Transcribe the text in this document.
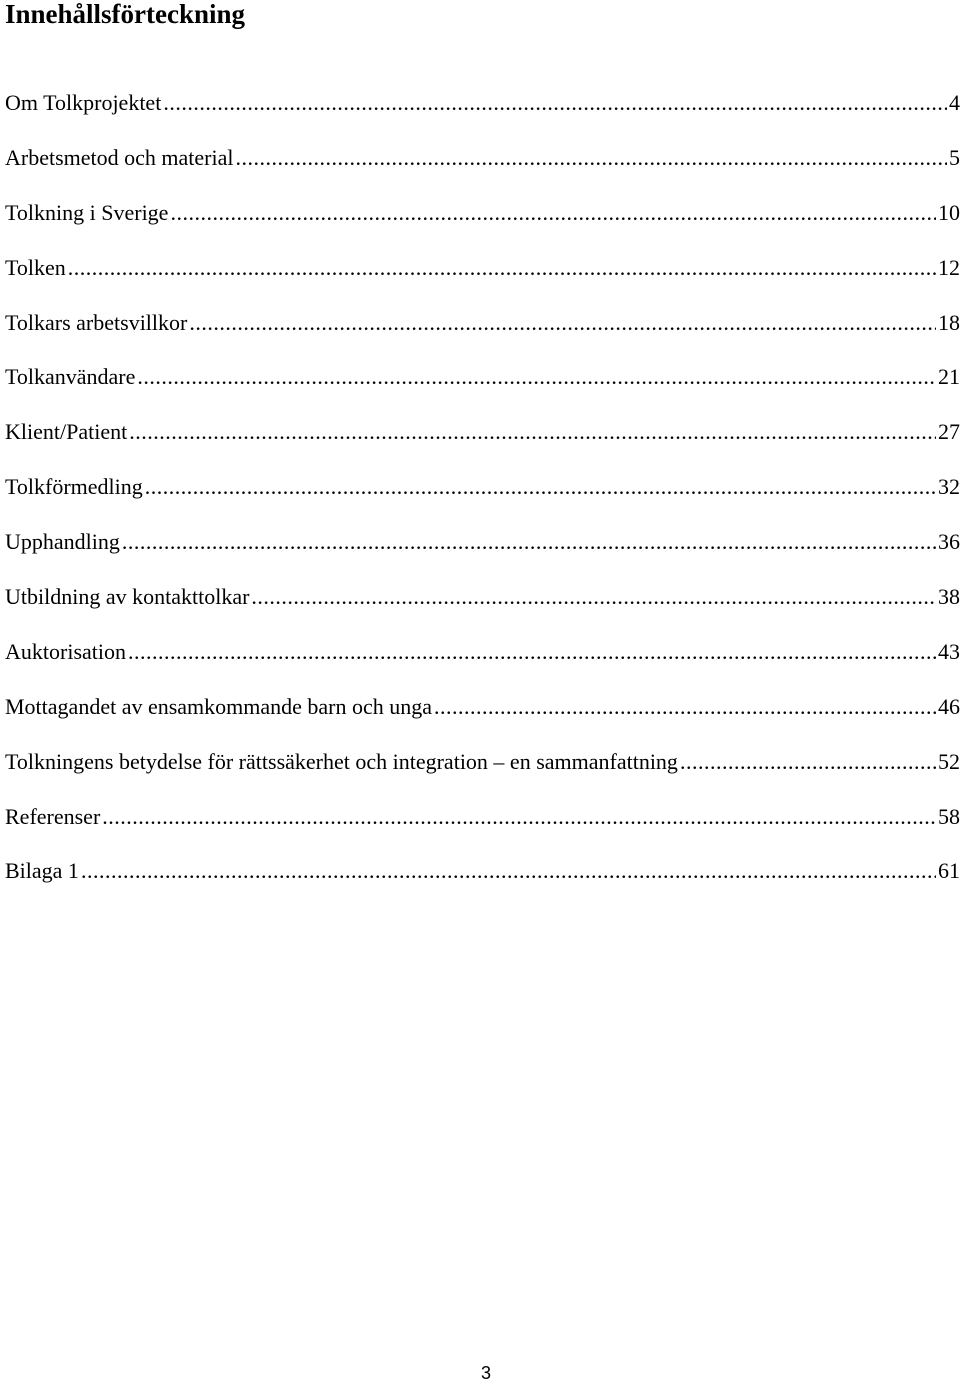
Innehållsförteckning
Om Tolkprojektet .....	4
Arbetsmetod och material .....	5
Tolkning i Sverige .....	10
Tolken .....	12
Tolkars arbetsvillkor .....	18
Tolkanvändare .....	21
Klient/Patient .....	27
Tolkförmedling .....	32
Upphandling .....	36
Utbildning av kontakttolkar .....	38
Auktorisation .....	43
Mottagandet av ensamkommande barn och unga .....	46
Tolkningens betydelse för rättssäkerhet och integration – en sammanfattning .....	52
Referenser .....	58
Bilaga 1 .....	61
3
